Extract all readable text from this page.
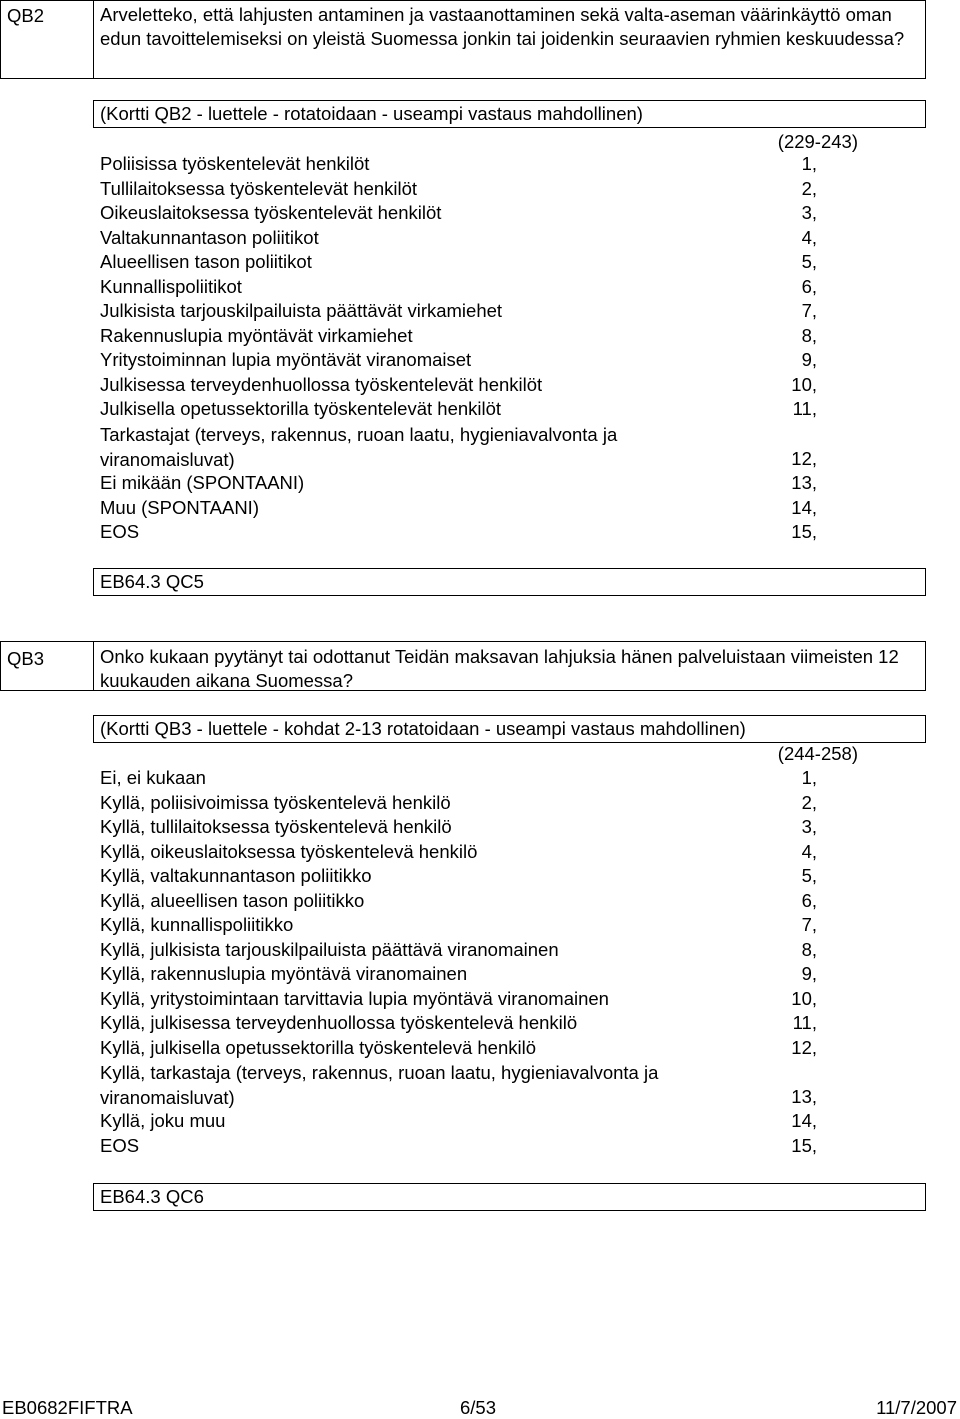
QB2	Arveletteko, että lahjusten antaminen ja vastaanottaminen sekä valta-aseman väärinkäyttö oman edun tavoittelemiseksi on yleistä Suomessa jonkin tai joidenkin seuraavien ryhmien keskuudessa?
(Kortti QB2 - luettele - rotatoidaan - useampi vastaus mahdollinen)
(229-243)
Poliisissa työskentelevät henkilöt	1,
Tullilaitoksessa työskentelevät henkilöt	2,
Oikeuslaitoksessa työskentelevät henkilöt	3,
Valtakunnantason poliitikot	4,
Alueellisen tason poliitikot	5,
Kunnallispoliitikot	6,
Julkisista tarjouskilpailuista päättävät virkamiehet	7,
Rakennuslupia myöntävät virkamiehet	8,
Yritystoiminnan lupia myöntävät viranomaiset	9,
Julkisessa terveydenhuollossa työskentelevät henkilöt	10,
Julkisella opetussektorilla työskentelevät henkilöt	11,
Tarkastajat (terveys, rakennus, ruoan laatu, hygieniavalvonta ja viranomaisluvat)	12,
Ei mikään (SPONTAANI)	13,
Muu (SPONTAANI)	14,
EOS	15,
EB64.3 QC5
QB3	Onko kukaan pyytänyt tai odottanut Teidän maksavan lahjuksia hänen palveluistaan viimeisten 12 kuukauden aikana Suomessa?
(Kortti QB3 - luettele - kohdat 2-13 rotatoidaan - useampi vastaus mahdollinen)
(244-258)
Ei, ei kukaan	1,
Kyllä, poliisivoimissa työskentelevä henkilö	2,
Kyllä, tullilaitoksessa työskentelevä henkilö	3,
Kyllä, oikeuslaitoksessa työskentelevä henkilö	4,
Kyllä, valtakunnantason poliitikko	5,
Kyllä, alueellisen tason poliitikko	6,
Kyllä, kunnallispoliitikko	7,
Kyllä, julkisista tarjouskilpailuista päättävä viranomainen	8,
Kyllä, rakennuslupia myöntävä viranomainen	9,
Kyllä, yritystoimintaan tarvittavia lupia myöntävä viranomainen	10,
Kyllä, julkisessa terveydenhuollossa työskentelevä henkilö	11,
Kyllä, julkisella opetussektorilla työskentelevä henkilö	12,
Kyllä, tarkastaja (terveys, rakennus, ruoan laatu, hygieniavalvonta ja viranomaisluvat)	13,
Kyllä, joku muu	14,
EOS	15,
EB64.3 QC6
EB0682FIFTRA	6/53	11/7/2007
